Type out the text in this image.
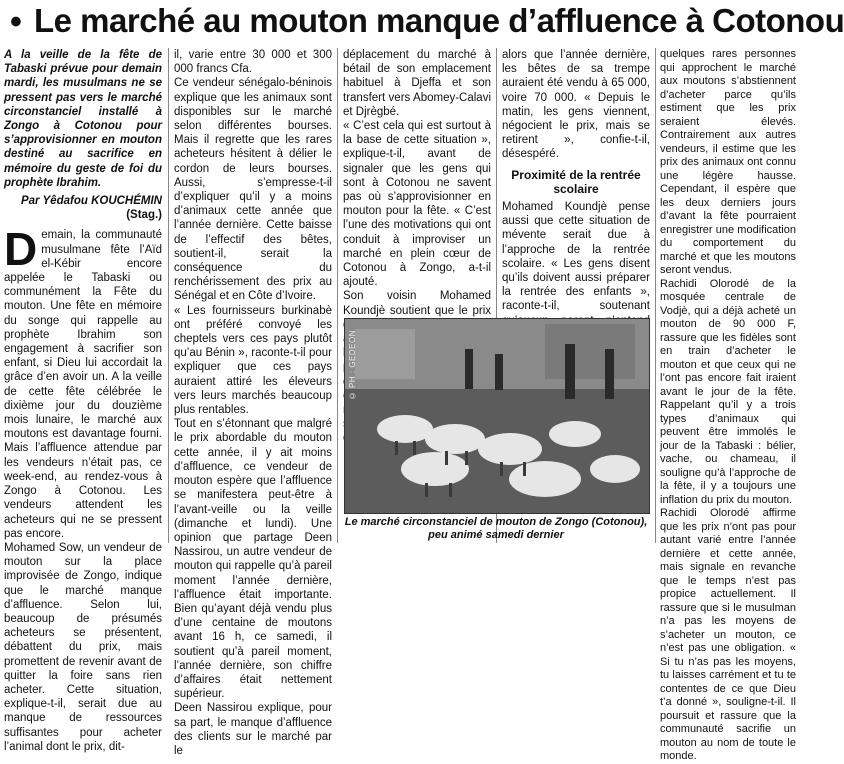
• Le marché au mouton manque d’affluence à Cotonou

A la veille de la fête de Tabaski prévue pour demain mardi, les musulmans ne se pressent pas vers le marché circonstanciel installé à Zongo à Cotonou pour s’approvisionner en mouton destiné au sacrifice en mémoire du geste de foi du prophète Ibrahim.

Par Yêdafou KOUCHÉMIN

(Stag.)

D emain, la communauté musulmane fête l’Aïd el-Kébir encore appelée le Tabaski ou communément la Fête du mouton. Une fête en mémoire du songe qui rappelle au prophète Ibrahim son engagement à sacrifier son enfant, si Dieu lui accordait la grâce d’en avoir un. A la veille de cette fête célébrée le dixième jour du douzième mois lunaire, le marché aux moutons est davantage fourni. Mais l’affluence attendue par les vendeurs n’était pas, ce week-end, au rendez-vous à Zongo à Cotonou. Les vendeurs attendent les acheteurs qui ne se pressent pas encore.

Mohamed Sow, un vendeur de mouton sur la place improvisée de Zongo, indique que le marché manque d’affluence. Selon lui, beaucoup de présumés acheteurs se présentent, débattent du prix, mais promettent de revenir avant de quitter la foire sans rien acheter. Cette situation, explique-t-il, serait due au manque de ressources suffisantes pour acheter l’animal dont le prix, dit-

il, varie entre 30 000 et 300 000 francs Cfa.
Ce vendeur sénégalo-béninois explique que les animaux sont disponibles sur le marché selon différentes bourses. Mais il regrette que les rares acheteurs hésitent à délier le cordon de leurs bourses. Aussi, s’empresse-t-il d’expliquer qu’il y a moins d’animaux cette année que l’année dernière. Cette baisse de l’effectif des bêtes, soutient-il, serait la conséquence du renchérissement des prix au Sénégal et en Côte d’Ivoire.
« Les fournisseurs burkinabè ont préféré convoyé les cheptels vers ces pays plutôt qu’au Bénin », raconte-t-il pour expliquer que ces pays auraient attiré les éleveurs vers leurs marchés beaucoup plus rentables.
Tout en s’étonnant que malgré le prix abordable du mouton cette année, il y ait moins d’affluence, ce vendeur de mouton espère que l’affluence se manifestera peut-être à l’avant-veille ou la veille (dimanche et lundi). Une opinion que partage Deen Nassirou, un autre vendeur de mouton qui rappelle qu’à pareil moment l’année dernière, l’affluence était importante. Bien qu’ayant déjà vendu plus d’une centaine de moutons avant 16 h, ce samedi, il soutient qu’à pareil moment, l’année dernière, son chiffre d’affaires était nettement supérieur.
Deen Nassirou explique, pour sa part, le manque d’affluence des clients sur le marché par le

déplacement du marché à bétail de son emplacement habituel à Djeffa et son transfert vers Abomey-Calavi et Djrègbé.
« C’est cela qui est surtout à la base de cette situation », explique-t-il, avant de signaler que les gens qui sont à Cotonou ne savent pas où s’approvisionner en mouton pour la fête. « C’est l’une des motivations qui ont conduit à improviser un marché en plein cœur de Cotonou à Zongo, a-t-il ajouté.
Son voisin Mohamed Koundjè soutient que le prix

alors que l’année dernière, les bêtes de sa trempe auraient été vendu à 65 000, voire 70 000. « Depuis le matin, les gens viennent, négocient le prix, mais se retirent », confie-t-il, désespéré.

Proximité de la rentrée scolaire

Mohamed Koundjè pense aussi que cette situation de mévente serait due à l’approche de la rentrée scolaire. « Les gens disent qu’ils doivent aussi préparer la rentrée des enfants », raconte-t-il, soutenant

quelques rares personnes qui approchent le marché aux moutons s’abstiennent d’acheter parce qu’ils estiment que les prix seraient élevés. Contrairement aux autres vendeurs, il estime que les prix des animaux ont connu une légère hausse. Cependant, il espère que les deux derniers jours d’avant la fête pourraient enregistrer une modification du comportement du marché et que les moutons seront vendus.
Rachidi Olorodé de la mosquée centrale de Vodjè, qui a déjà acheté un mouton de 90 000 F, rassure que les fidèles sont en train d’acheter le mouton et que ceux qui ne l’ont pas encore fait iraient avant le jour de la fête. Rappelant qu’il y a trois types d’animaux qui peuvent être immolés le jour de la Tabaski : bélier, vache, ou chameau, il souligne qu’à l’approche de la fête, il y a toujours une inflation du prix du mouton.
Rachidi Olorodé affirme que les prix n’ont pas pour autant varié entre l’année dernière et cette année, mais signale en revanche que le temps n’est pas propice actuellement. Il rassure que si le musulman n’a pas les moyens de s’acheter un mouton, ce n’est pas une obligation. « Si tu n’as pas les moyens, tu laisses carrément et tu te contentes de ce que Dieu t’a donné », souligne-t-il. Il poursuit et rassure que la communauté sacrifie un mouton au nom de toute le monde.

© PH : GEDEON
Le marché circonstanciel de mouton de Zongo (Cotonou), peu animé samedi dernier
